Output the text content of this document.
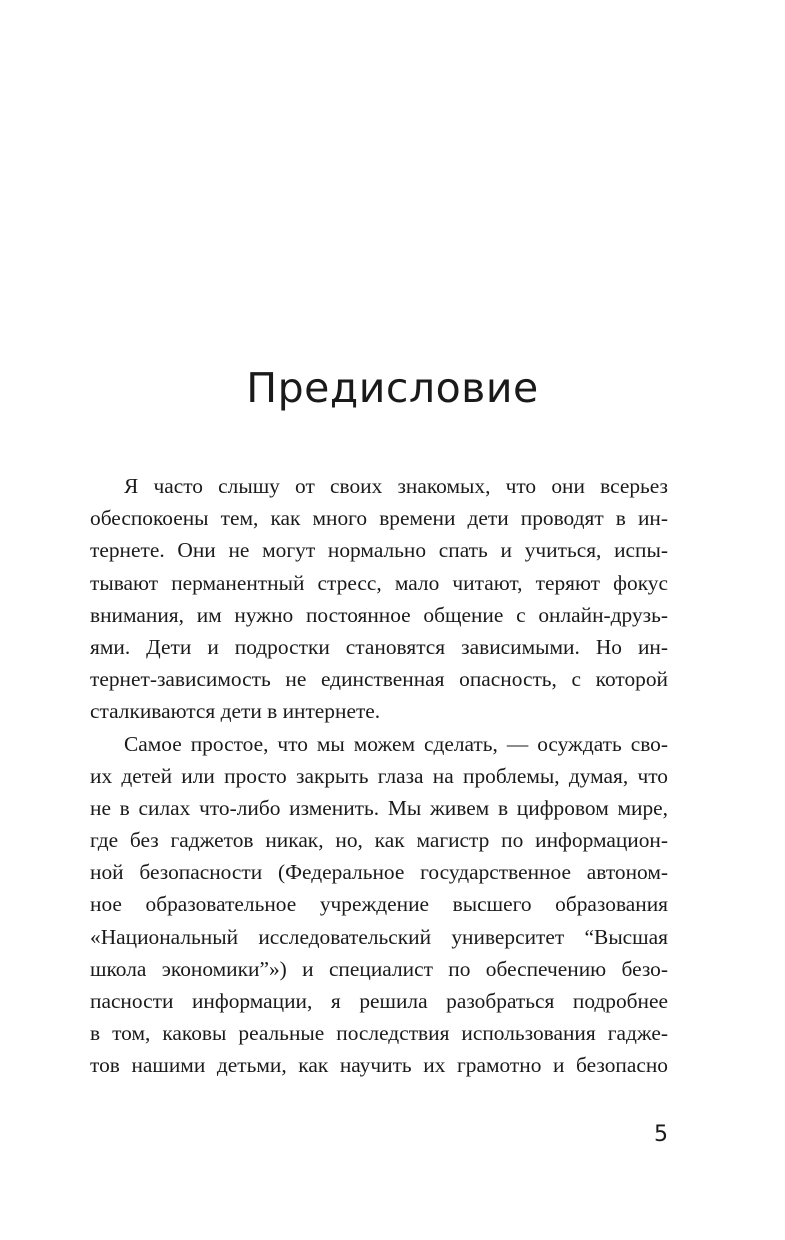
Предисловие
Я часто слышу от своих знакомых, что они всерьез
обеспокоены тем, как много времени дети проводят в ин-
тернете. Они не могут нормально спать и учиться, испы-
тывают перманентный стресс, мало читают, теряют фокус
внимания, им нужно постоянное общение с онлайн-друзь-
ями. Дети и подростки становятся зависимыми. Но ин-
тернет-зависимость не единственная опасность, с которой
сталкиваются дети в интернете.
Самое простое, что мы можем сделать, — осуждать сво-
их детей или просто закрыть глаза на проблемы, думая, что
не в силах что-либо изменить. Мы живем в цифровом мире,
где без гаджетов никак, но, как магистр по информацион-
ной безопасности (Федеральное государственное автоном-
ное образовательное учреждение высшего образования
«Национальный исследовательский университет “Высшая
школа экономики”») и специалист по обеспечению безо-
пасности информации, я решила разобраться подробнее
в том, каковы реальные последствия использования гадже-
тов нашими детьми, как научить их грамотно и безопасно

5
